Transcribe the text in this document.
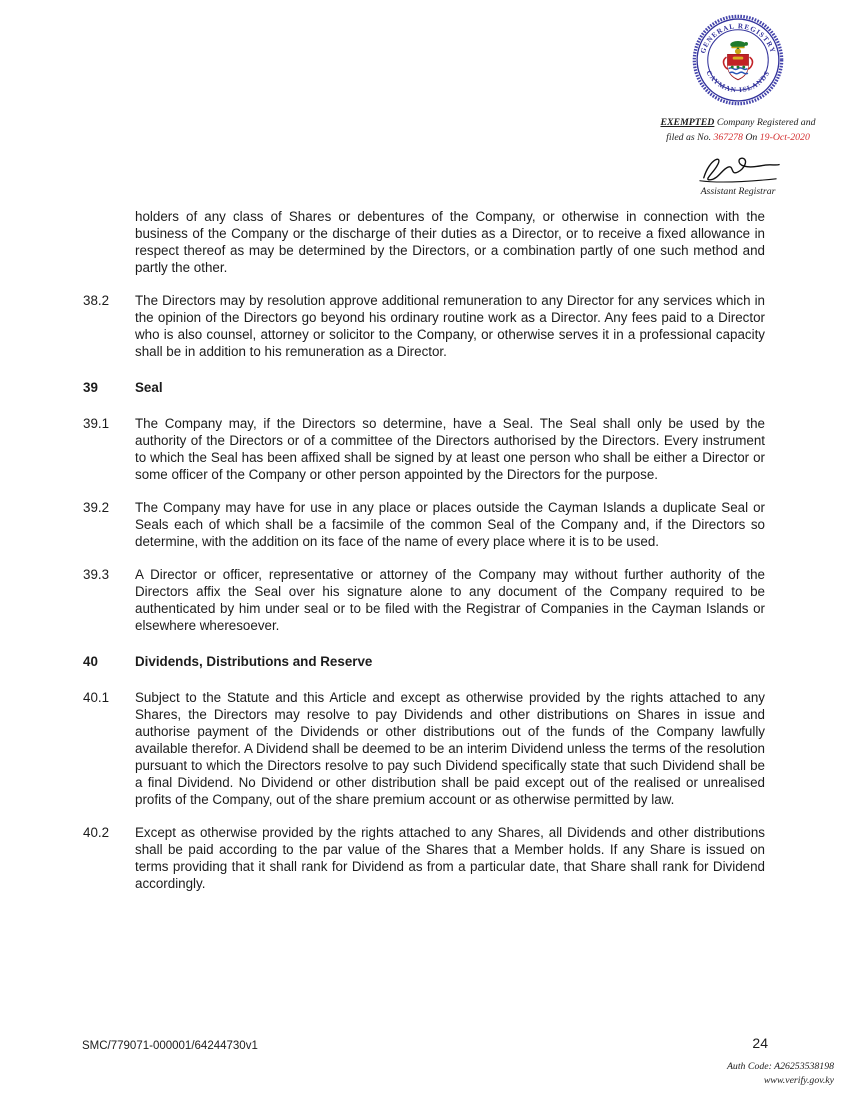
GENERAL REGISTRY
CAYMAN ISLANDS
EXEMPTED Company Registered and
filed as No. 367278 On 19-Oct-2020
Assistant Registrar
holders of any class of Shares or debentures of the Company, or otherwise in connection with the business of the Company or the discharge of their duties as a Director, or to receive a fixed allowance in respect thereof as may be determined by the Directors, or a combination partly of one such method and partly the other.
38.2	The Directors may by resolution approve additional remuneration to any Director for any services which in the opinion of the Directors go beyond his ordinary routine work as a Director. Any fees paid to a Director who is also counsel, attorney or solicitor to the Company, or otherwise serves it in a professional capacity shall be in addition to his remuneration as a Director.
39	Seal
39.1	The Company may, if the Directors so determine, have a Seal. The Seal shall only be used by the authority of the Directors or of a committee of the Directors authorised by the Directors. Every instrument to which the Seal has been affixed shall be signed by at least one person who shall be either a Director or some officer of the Company or other person appointed by the Directors for the purpose.
39.2	The Company may have for use in any place or places outside the Cayman Islands a duplicate Seal or Seals each of which shall be a facsimile of the common Seal of the Company and, if the Directors so determine, with the addition on its face of the name of every place where it is to be used.
39.3	A Director or officer, representative or attorney of the Company may without further authority of the Directors affix the Seal over his signature alone to any document of the Company required to be authenticated by him under seal or to be filed with the Registrar of Companies in the Cayman Islands or elsewhere wheresoever.
40	Dividends, Distributions and Reserve
40.1	Subject to the Statute and this Article and except as otherwise provided by the rights attached to any Shares, the Directors may resolve to pay Dividends and other distributions on Shares in issue and authorise payment of the Dividends or other distributions out of the funds of the Company lawfully available therefor. A Dividend shall be deemed to be an interim Dividend unless the terms of the resolution pursuant to which the Directors resolve to pay such Dividend specifically state that such Dividend shall be a final Dividend. No Dividend or other distribution shall be paid except out of the realised or unrealised profits of the Company, out of the share premium account or as otherwise permitted by law.
40.2	Except as otherwise provided by the rights attached to any Shares, all Dividends and other distributions shall be paid according to the par value of the Shares that a Member holds. If any Share is issued on terms providing that it shall rank for Dividend as from a particular date, that Share shall rank for Dividend accordingly.
SMC/779071-000001/64244730v1	24
Auth Code: A26253538198
www.verify.gov.ky
